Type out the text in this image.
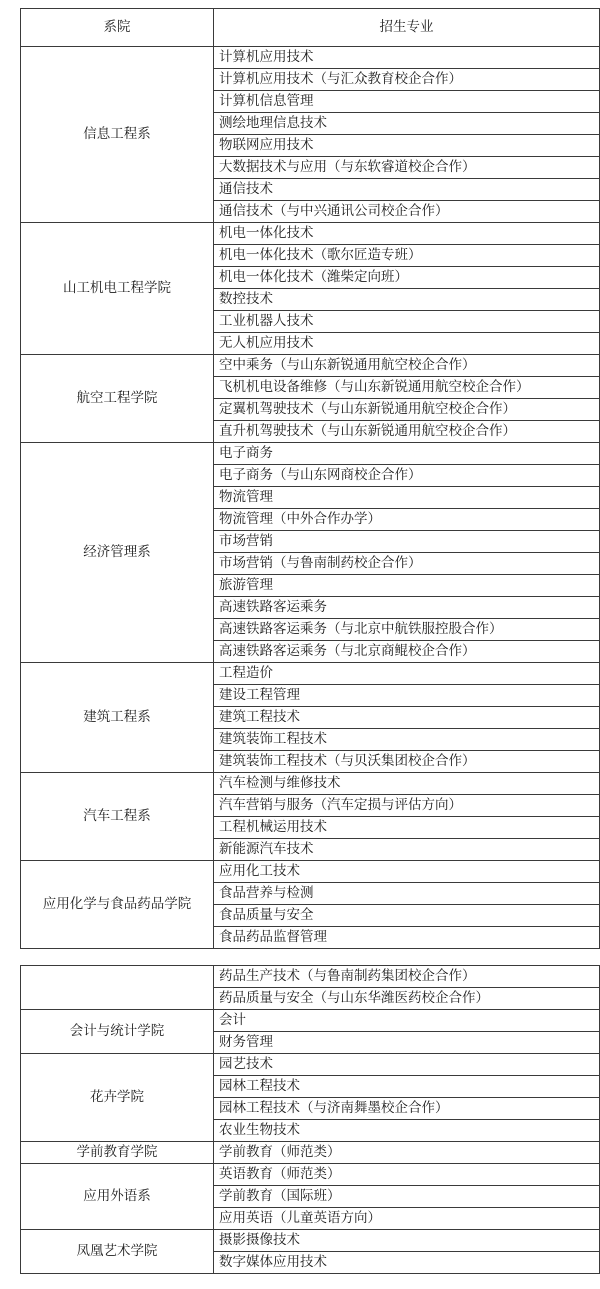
系院	招生专业
信息工程系	计算机应用技术
	计算机应用技术（与汇众教育校企合作）
	计算机信息管理
	测绘地理信息技术
	物联网应用技术
	大数据技术与应用（与东软睿道校企合作）
	通信技术
	通信技术（与中兴通讯公司校企合作）
山工机电工程学院	机电一体化技术
	机电一体化技术（歌尔匠造专班）
	机电一体化技术（潍柴定向班）
	数控技术
	工业机器人技术
	无人机应用技术
航空工程学院	空中乘务（与山东新锐通用航空校企合作）
	飞机机电设备维修（与山东新锐通用航空校企合作）
	定翼机驾驶技术（与山东新锐通用航空校企合作）
	直升机驾驶技术（与山东新锐通用航空校企合作）
经济管理系	电子商务
	电子商务（与山东网商校企合作）
	物流管理
	物流管理（中外合作办学）
	市场营销
	市场营销（与鲁南制药校企合作）
	旅游管理
	高速铁路客运乘务
	高速铁路客运乘务（与北京中航铁服控股合作）
	高速铁路客运乘务（与北京商鲲校企合作）
建筑工程系	工程造价
	建设工程管理
	建筑工程技术
	建筑装饰工程技术
	建筑装饰工程技术（与贝沃集团校企合作）
汽车工程系	汽车检测与维修技术
	汽车营销与服务（汽车定损与评估方向）
	工程机械运用技术
	新能源汽车技术
应用化学与食品药品学院	应用化工技术
	食品营养与检测
	食品质量与安全
	食品药品监督管理
	药品生产技术（与鲁南制药集团校企合作）
	药品质量与安全（与山东华潍医药校企合作）
会计与统计学院	会计
	财务管理
花卉学院	园艺技术
	园林工程技术
	园林工程技术（与济南舞墨校企合作）
	农业生物技术
学前教育学院	学前教育（师范类）
应用外语系	英语教育（师范类）
	学前教育（国际班）
	应用英语（儿童英语方向）
凤凰艺术学院	摄影摄像技术
	数字媒体应用技术
